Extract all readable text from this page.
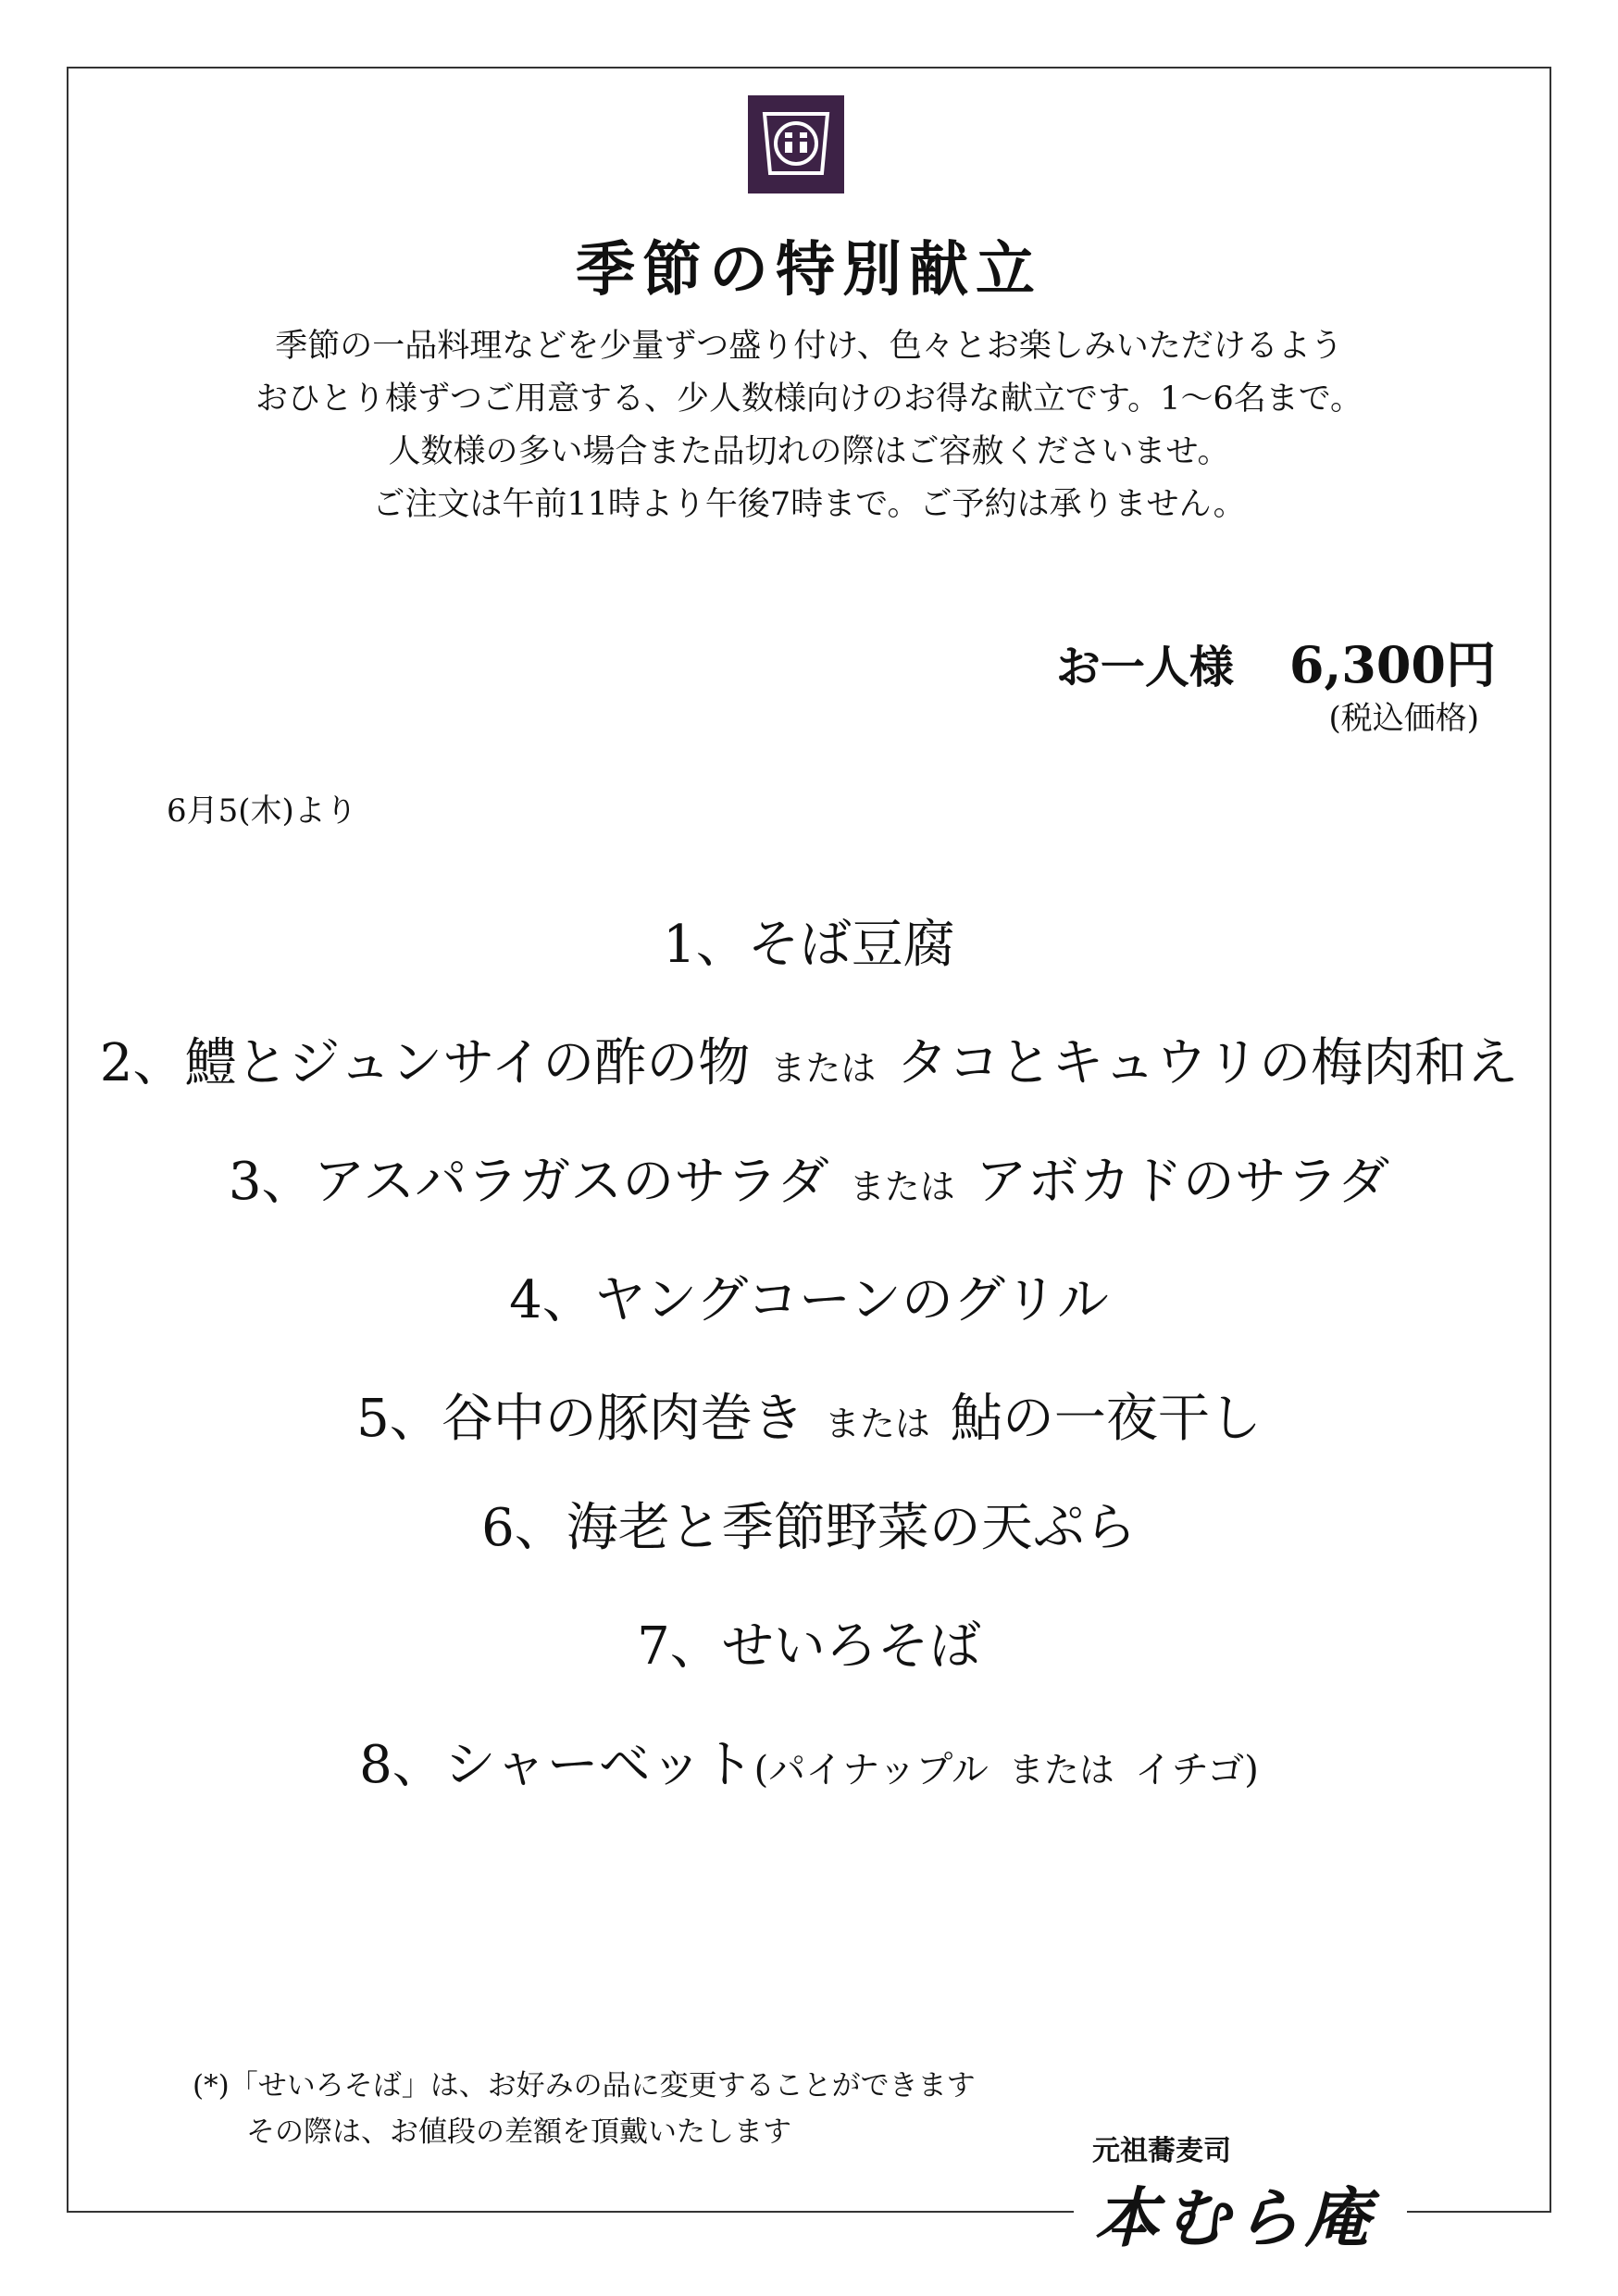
季節の特別献立
季節の一品料理などを少量ずつ盛り付け、色々とお楽しみいただけるよう
おひとり様ずつご用意する、少人数様向けのお得な献立です。1〜6名まで。
人数様の多い場合また品切れの際はご容赦くださいませ。
ご注文は午前11時より午後7時まで。ご予約は承りません。
お一人様 6,300円
(税込価格)
6月5(木)より
1、そば豆腐
2、鱧とジュンサイの酢の物 または タコとキュウリの梅肉和え
3、アスパラガスのサラダ または アボカドのサラダ
4、ヤングコーンのグリル
5、谷中の豚肉巻き または 鮎の一夜干し
6、海老と季節野菜の天ぷら
7、せいろそば
8、シャーベット(パイナップル または イチゴ)
(*)「せいろそば」は、お好みの品に変更することができます
その際は、お値段の差額を頂戴いたします
元祖蕎麦司
本むら庵
